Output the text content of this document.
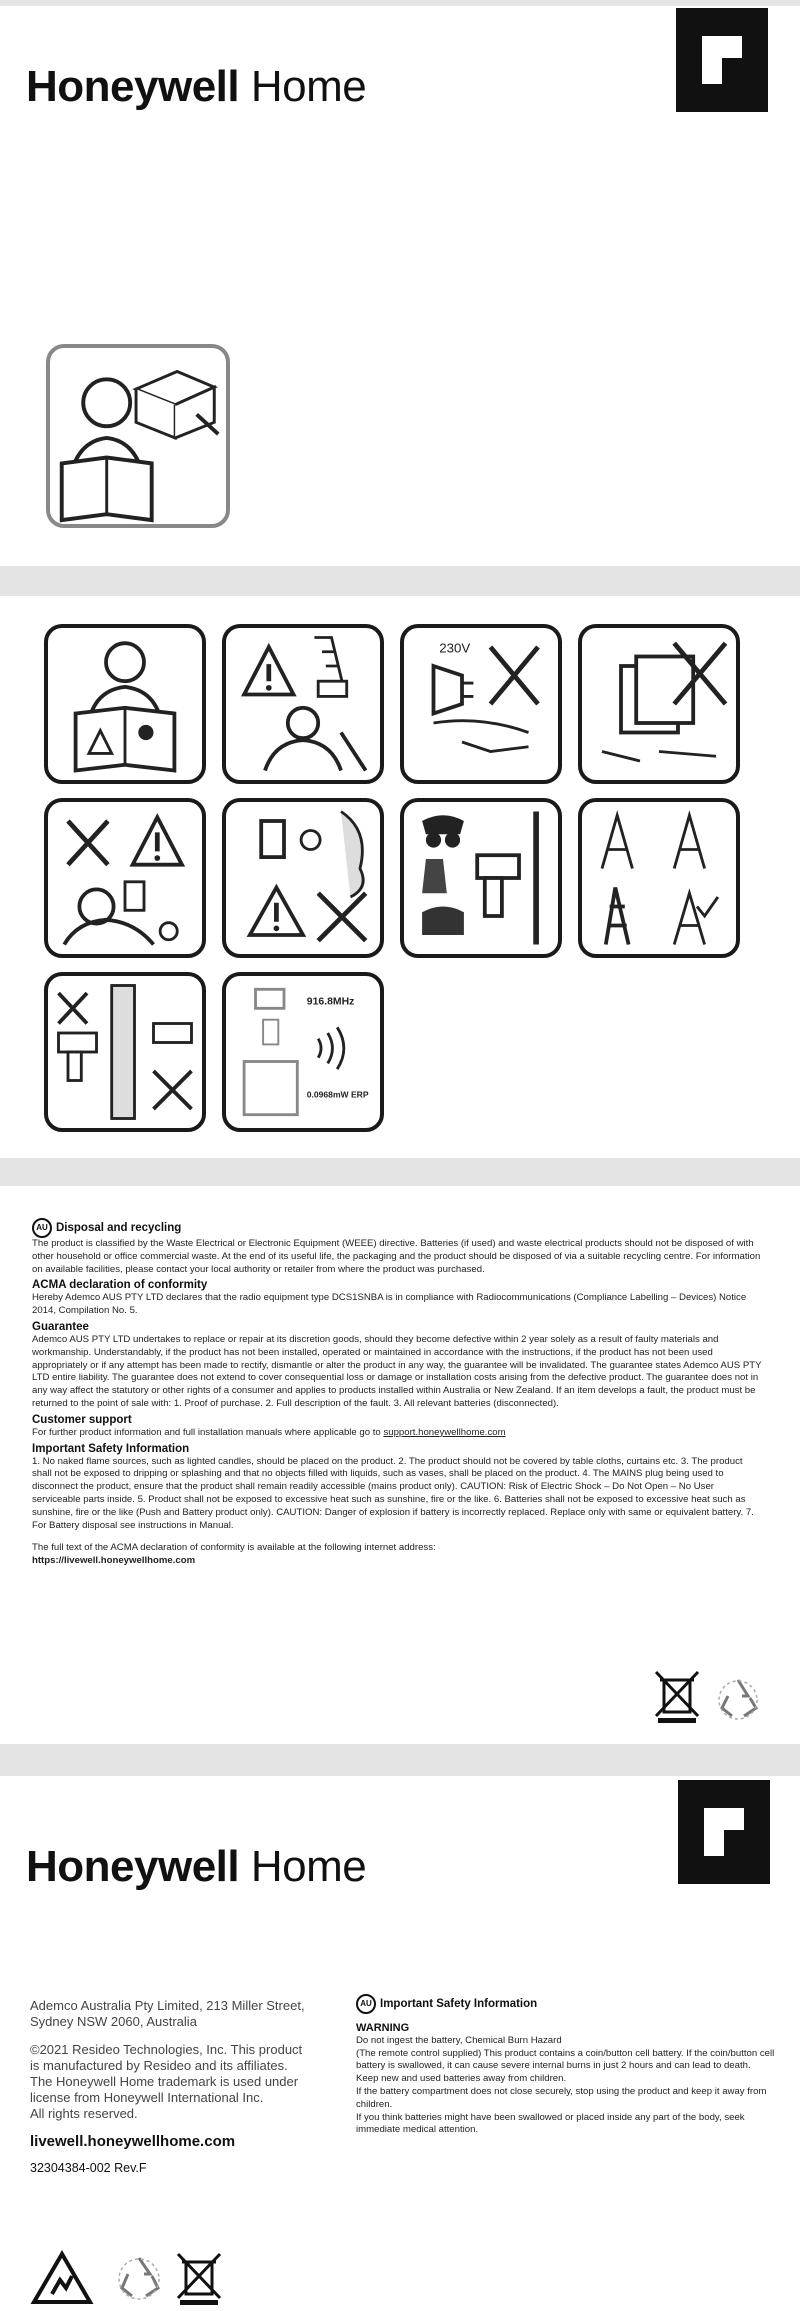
Honeywell Home
230V
916.8MHz
0.0968mW ERP
AU Disposal and recycling

The product is classified by the Waste Electrical or Electronic Equipment (WEEE) directive. Batteries (if used) and waste electrical products should not be disposed of with other household or office commercial waste. At the end of its useful life, the packaging and the product should be disposed of via a suitable recycling centre. For information on available facilities, please contact your local authority or retailer from where the product was purchased.

ACMA declaration of conformity

Hereby Ademco AUS PTY LTD declares that the radio equipment type DCS1SNBA is in compliance with Radiocommunications (Compliance Labelling – Devices) Notice 2014, Compilation No. 5.

Guarantee

Ademco AUS PTY LTD undertakes to replace or repair at its discretion goods, should they become defective within 2 year solely as a result of faulty materials and workmanship. Understandably, if the product has not been installed, operated or maintained in accordance with the instructions, if the product has not been used appropriately or if any attempt has been made to rectify, dismantle or alter the product in any way, the guarantee will be invalidated. The guarantee states Ademco AUS PTY LTD entire liability. The guarantee does not extend to cover consequential loss or damage or installation costs arising from the defective product. The guarantee does not in any way affect the statutory or other rights of a consumer and applies to products installed within Australia or New Zealand. If an item develops a fault, the product must be returned to the point of sale with: 1. Proof of purchase. 2. Full description of the fault. 3. All relevant batteries (disconnected).

Customer support

For further product information and full installation manuals where applicable go to support.honeywellhome.com

Important Safety Information

1. No naked flame sources, such as lighted candles, should be placed on the product. 2. The product should not be covered by table cloths, curtains etc. 3. The product shall not be exposed to dripping or splashing and that no objects filled with liquids, such as vases, shall be placed on the product. 4. The MAINS plug being used to disconnect the product, ensure that the product shall remain readily accessible (mains product only). CAUTION: Risk of Electric Shock – Do Not Open – No User serviceable parts inside. 5. Product shall not be exposed to excessive heat such as sunshine, fire or the like. 6. Batteries shall not be exposed to excessive heat such as sunshine, fire or the like (Push and Battery product only). CAUTION: Danger of explosion if battery is incorrectly replaced. Replace only with same or equivalent battery. 7. For Battery disposal see instructions in Manual.

The full text of the ACMA declaration of conformity is available at the following internet address:

https://livewell.honeywellhome.com

Honeywell Home

Ademco Australia Pty Limited, 213 Miller Street, Sydney NSW 2060, Australia

©2021 Resideo Technologies, Inc. This product is manufactured by Resideo and its affiliates.

The Honeywell Home trademark is used under license from Honeywell International Inc.

All rights reserved.

livewell.honeywellhome.com
32304384-002 Rev.F
AU Important Safety Information
WARNING

Do not ingest the battery, Chemical Burn Hazard

(The remote control supplied) This product contains a coin/button cell battery. If the coin/button cell battery is swallowed, it can cause severe internal burns in just 2 hours and can lead to death.

Keep new and used batteries away from children.

If the battery compartment does not close securely, stop using the product and keep it away from children.

If you think batteries might have been swallowed or placed inside any part of the body, seek immediate medical attention.
